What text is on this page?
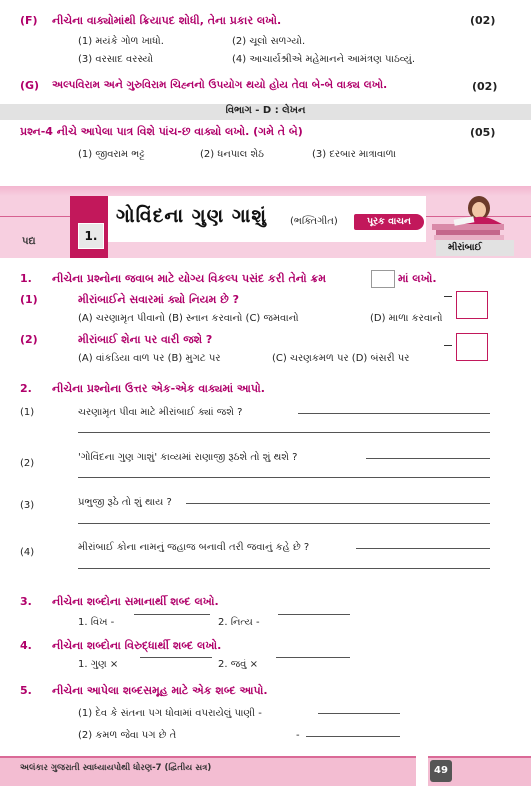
(F) નીચેના વાક્યોમાંથી ક્રિયાપદ શોધી, તેના પ્રકાર લખો.	(02)
(1) મયંકે ગોળ ખાધો.	(2) ચૂલો સળગ્યો.
(3) વરસાદ વરસ્યો	(4) આચાર્યશ્રીએ મહેમાનને આમંત્રણ પાઠવ્યું.
(G) અલ્પવિરામ અને ગુરુવિરામ ચિહ્નનો ઉપયોગ થયો હોય તેવા બે-બે વાક્ય લખો.	(02)
વિભાગ - D : લેખન
પ્રશ્ન-4 નીચે આપેલા પાત્ર વિશે પાંચ-છ વાક્યો લખો. (ગમે તે બે)	(05)
(1) જીવરામ ભટ્ટ	(2) ધનપાલ શેઠ	(3) દરબાર માત્રાવાળા
પદ્ય	1.
ગોવિંદના ગુણ ગાશું (ભક્તિગીત)	પૂરક વાચન
મીરાંબાઈ
1. નીચેના પ્રશ્નોના જવાબ માટે યોગ્ય વિકલ્પ પસંદ કરી તેનો ક્રમ	માં લખો.
(1)	મીરાંબાઈને સવારમાં ક્યો નિયમ છે ?
(A) ચરણામૃત પીવાનો (B) સ્નાન કરવાનો (C) જમવાનો	(D) માળા કરવાનો
(2)	મીરાંબાઈ શેના પર વારી જશે ?
(A) વાંકડિયા વાળ પર (B) મુગટ પર	(C) ચરણકમળ પર (D) બંસરી પર
2. નીચેના પ્રશ્નોના ઉત્તર એક-એક વાક્યમાં આપો.
(1)	ચરણામૃત પીવા માટે મીરાંબાઈ ક્યાં જશે ?
(2)
'ગોવિંદના ગુણ ગાશું' કાવ્યમાં રાણાજી રૂઠશે તો શું થશે ?
(3)	પ્રભુજી રૂઠે તો શું થાય ?
(4)	મીરાંબાઈ કોના નામનું જહાજ બનાવી તરી જવાનું કહે છે ?
3. નીચેના શબ્દોના સમાનાર્થી શબ્દ લખો.
1. વિખ -	2. નિત્ય -
4. નીચેના શબ્દોના વિરુદ્ધાર્થી શબ્દ લખો.
1. ગુણ ×	2. જવું ×
5. નીચેના આપેલા શબ્દસમૂહ માટે એક શબ્દ આપો.
(1) દેવ કે સંતના પગ ધોવામાં વપરાયેલું પાણી -
(2) કમળ જેવા પગ છે તે	-
અલંકાર ગુજરાતી સ્વાધ્યાયપોથી ધોરણ-7 (દ્વિતીય સત્ર)	49
